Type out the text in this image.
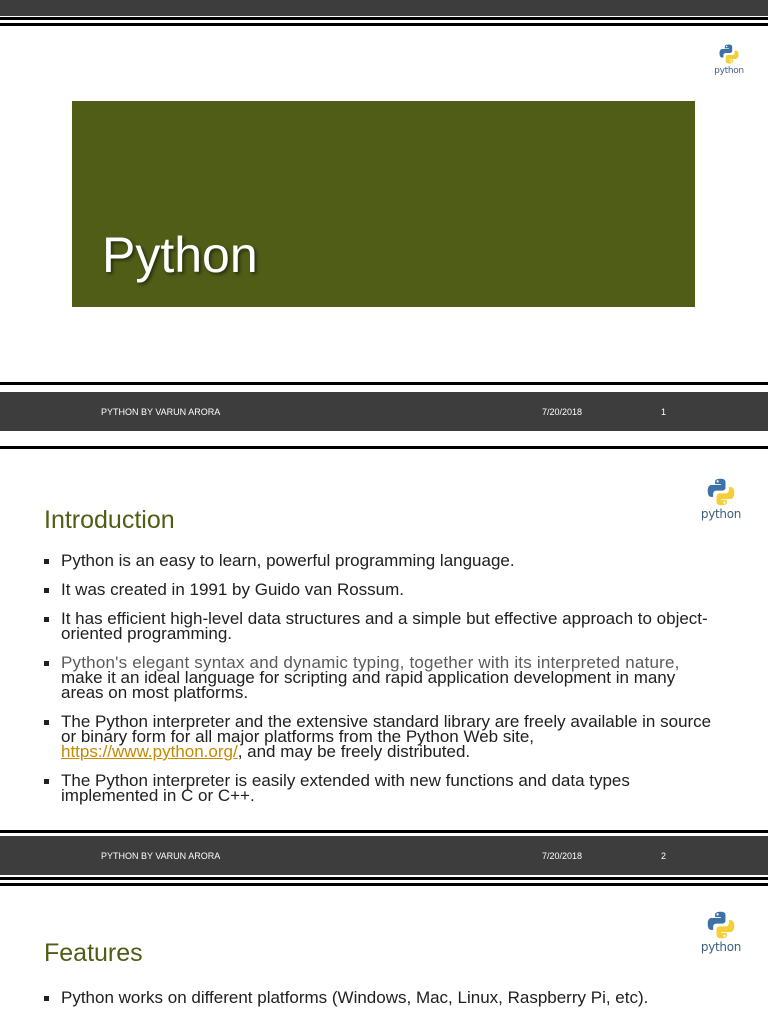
python
Python
PYTHON BY VARUN ARORA	7/20/2018	1
python
Introduction
Python is an easy to learn, powerful programming language.
It was created in 1991 by Guido van Rossum.
It has efficient high-level data structures and a simple but effective approach to object-oriented programming.
Python's elegant syntax and dynamic typing, together with its interpreted nature, make it an ideal language for scripting and rapid application development in many areas on most platforms.
The Python interpreter and the extensive standard library are freely available in source or binary form for all major platforms from the Python Web site, https://www.python.org/, and may be freely distributed.
The Python interpreter is easily extended with new functions and data types implemented in C or C++.
PYTHON BY VARUN ARORA	7/20/2018	2
python
Features
Python works on different platforms (Windows, Mac, Linux, Raspberry Pi, etc).
